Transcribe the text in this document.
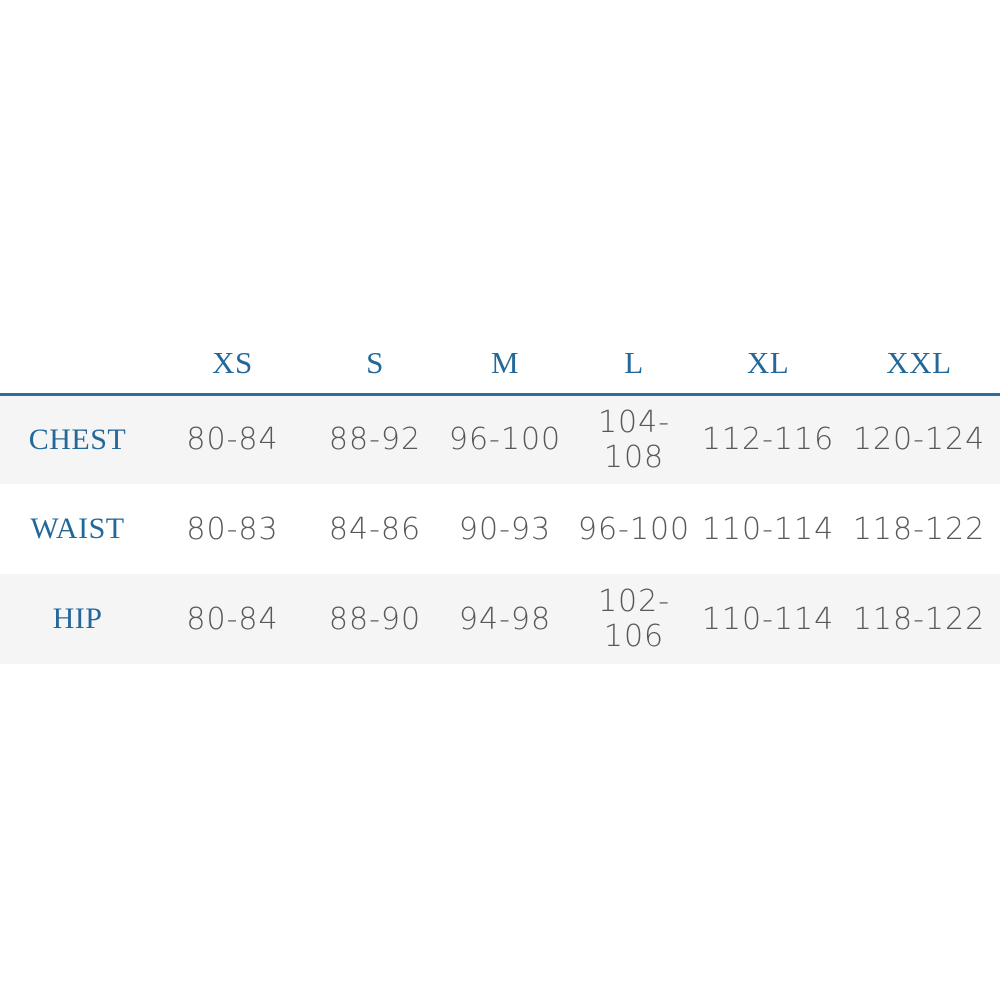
	XS	S	M	L	XL	XXL
CHEST	80-84	88-92	96-100	104-108	112-116	120-124
WAIST	80-83	84-86	90-93	96-100	110-114	118-122
HIP	80-84	88-90	94-98	102-106	110-114	118-122
